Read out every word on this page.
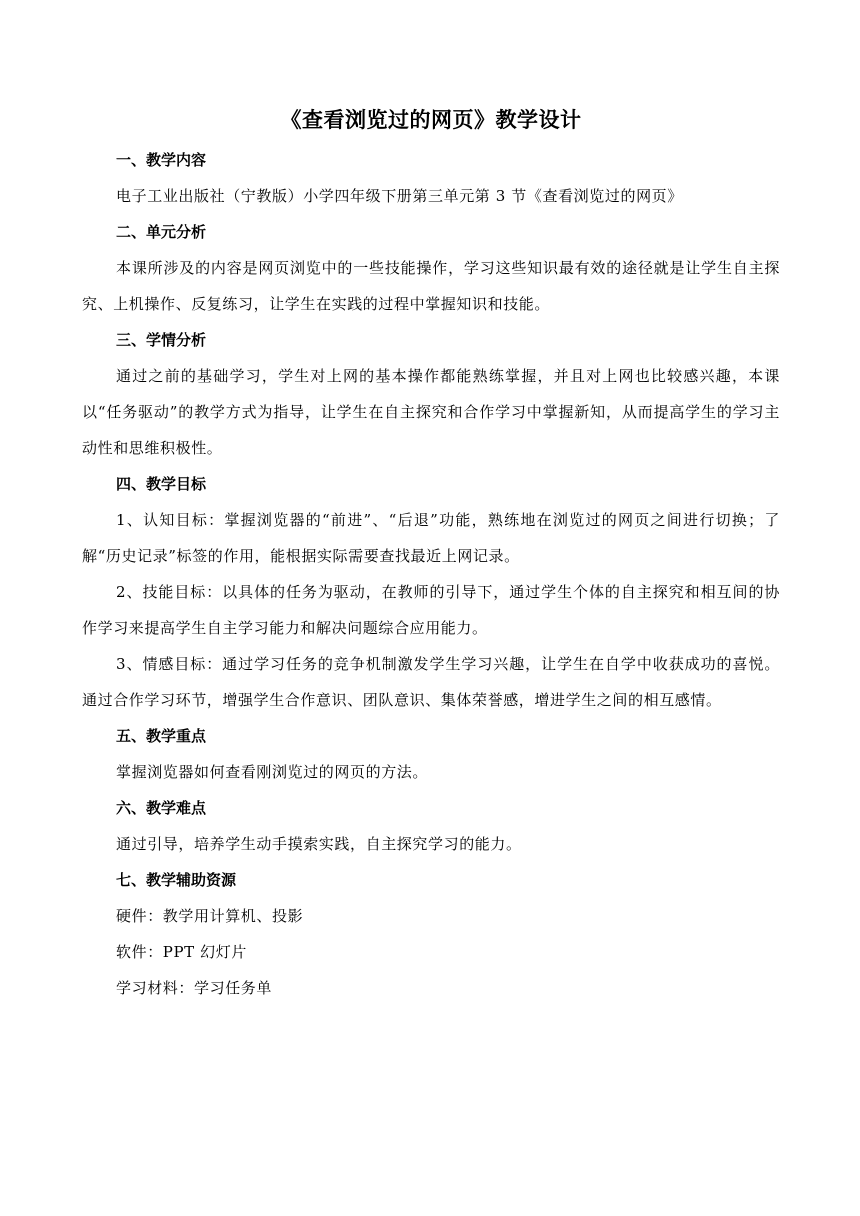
《查看浏览过的网页》教学设计
一、教学内容

电子工业出版社（宁教版）小学四年级下册第三单元第 3 节《查看浏览过的网页》

二、单元分析

本课所涉及的内容是网页浏览中的一些技能操作，学习这些知识最有效的途径就是让学生自主探究、上机操作、反复练习，让学生在实践的过程中掌握知识和技能。

三、学情分析

通过之前的基础学习，学生对上网的基本操作都能熟练掌握，并且对上网也比较感兴趣，本课以“任务驱动”的教学方式为指导，让学生在自主探究和合作学习中掌握新知，从而提高学生的学习主动性和思维积极性。

四、教学目标

1、认知目标：掌握浏览器的“前进”、“后退”功能，熟练地在浏览过的网页之间进行切换；了解“历史记录”标签的作用，能根据实际需要查找最近上网记录。

2、技能目标：以具体的任务为驱动，在教师的引导下，通过学生个体的自主探究和相互间的协作学习来提高学生自主学习能力和解决问题综合应用能力。

3、情感目标：通过学习任务的竞争机制激发学生学习兴趣，让学生在自学中收获成功的喜悦。通过合作学习环节，增强学生合作意识、团队意识、集体荣誉感，增进学生之间的相互感情。

五、教学重点

掌握浏览器如何查看刚浏览过的网页的方法。

六、教学难点

通过引导，培养学生动手摸索实践，自主探究学习的能力。

七、教学辅助资源

硬件：教学用计算机、投影

软件：PPT 幻灯片

学习材料：学习任务单
